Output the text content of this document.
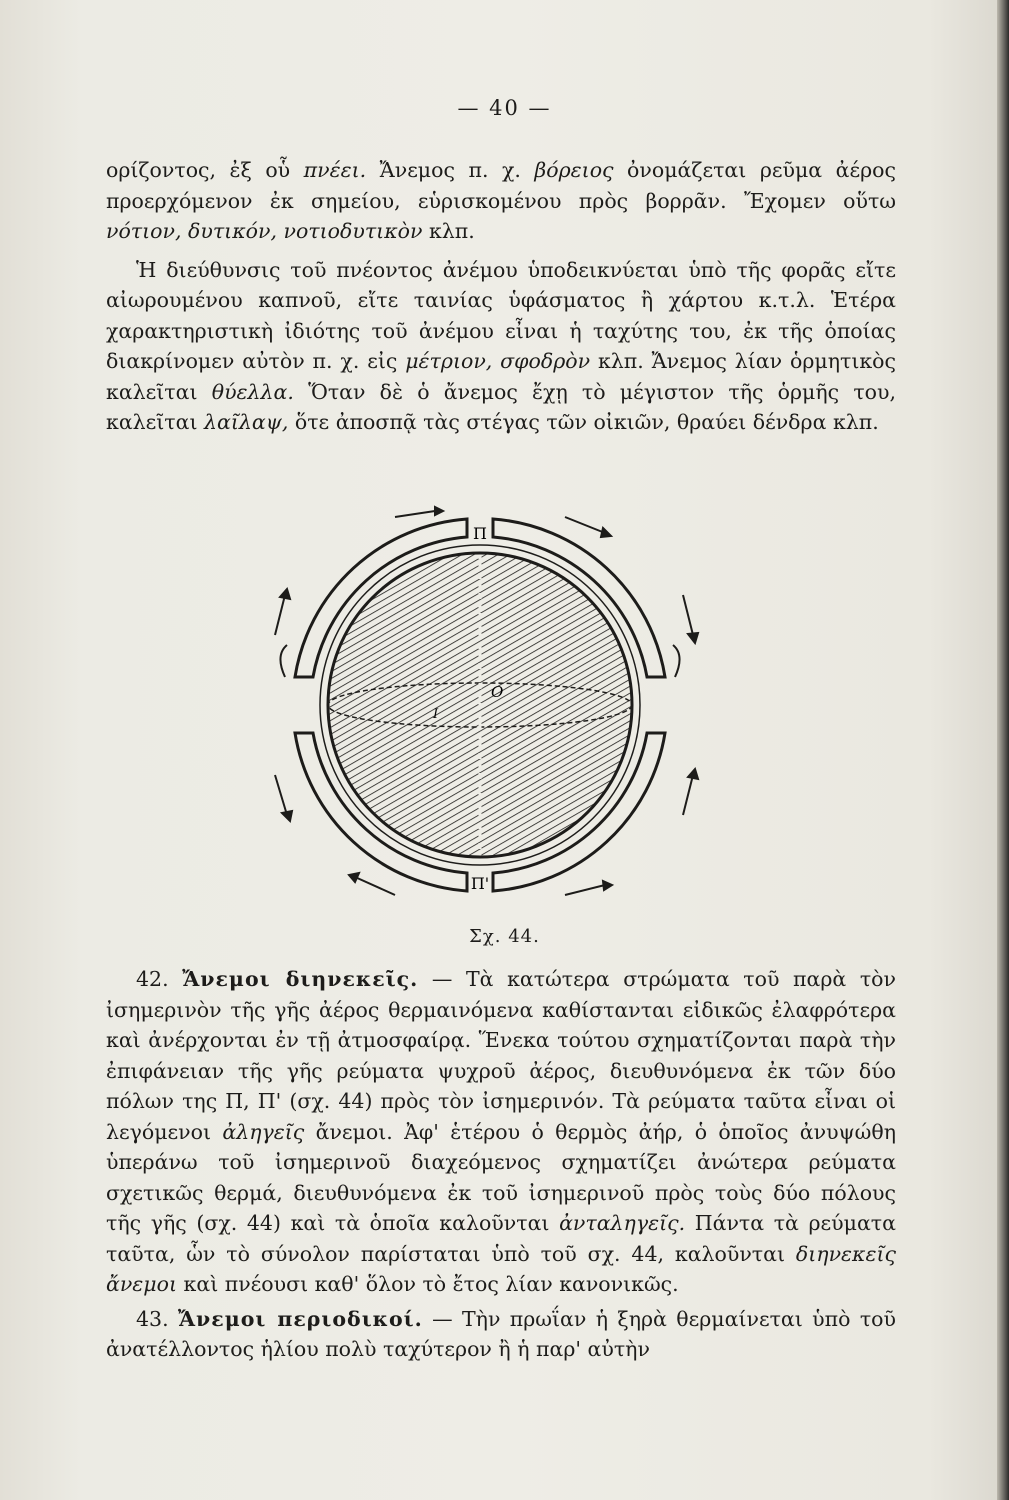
— 40 —

ορίζοντος, ἐξ οὗ πνέει. Ἄνεμος π. χ. βόρειος ὀνομάζεται ρεῦμα ἀέρος προερχόμενον ἐκ σημείου, εὑρισκομένου πρὸς βορρᾶν. Ἔχομεν οὕτω νότιον, δυτικόν, νοτιοδυτικὸν κλπ.

Ἡ διεύθυνσις τοῦ πνέοντος ἀνέμου ὑποδεικνύεται ὑπὸ τῆς φορᾶς εἴτε αἰωρουμένου καπνοῦ, εἴτε ταινίας ὑφάσματος ἢ χάρτου κ.τ.λ. Ἑτέρα χαρακτηριστικὴ ἰδιότης τοῦ ἀνέμου εἶναι ἡ ταχύτης του, ἐκ τῆς ὁποίας διακρίνομεν αὐτὸν π. χ. εἰς μέτριον, σφοδρὸν κλπ. Ἄνεμος λίαν ὁρμητικὸς καλεῖται θύελλα. Ὅταν δὲ ὁ ἄνεμος ἔχῃ τὸ μέγιστον τῆς ὁρμῆς του, καλεῖται λαῖλαψ, ὅτε ἀποσπᾷ τὰς στέγας τῶν οἰκιῶν, θραύει δένδρα κλπ.

Π
Π'
Ο
Ι
Σχ. 44.

42. Ἄνεμοι διηνεκεῖς. — Τὰ κατώτερα στρώματα τοῦ παρὰ τὸν ἰσημερινὸν τῆς γῆς ἀέρος θερμαινόμενα καθίστανται εἰδικῶς ἐλαφρότερα καὶ ἀνέρχονται ἐν τῇ ἀτμοσφαίρᾳ. Ἕνεκα τούτου σχηματίζονται παρὰ τὴν ἐπιφάνειαν τῆς γῆς ρεύματα ψυχροῦ ἀέρος, διευθυνόμενα ἐκ τῶν δύο πόλων της Π, Π' (σχ. 44) πρὸς τὸν ἰσημερινόν. Τὰ ρεύματα ταῦτα εἶναι οἱ λεγόμενοι ἀληγεῖς ἄνεμοι. Ἀφ' ἑτέρου ὁ θερμὸς ἀήρ, ὁ ὁποῖος ἀνυψώθη ὑπεράνω τοῦ ἰσημερινοῦ διαχεόμενος σχηματίζει ἀνώτερα ρεύματα σχετικῶς θερμά, διευθυνόμενα ἐκ τοῦ ἰσημερινοῦ πρὸς τοὺς δύο πόλους τῆς γῆς (σχ. 44) καὶ τὰ ὁποῖα καλοῦνται ἀνταληγεῖς. Πάντα τὰ ρεύματα ταῦτα, ὧν τὸ σύνολον παρίσταται ὑπὸ τοῦ σχ. 44, καλοῦνται διηνεκεῖς ἄνεμοι καὶ πνέουσι καθ' ὅλον τὸ ἔτος λίαν κανονικῶς.

43. Ἄνεμοι περιοδικοί. — Τὴν πρωΐαν ἡ ξηρὰ θερμαίνεται ὑπὸ τοῦ ἀνατέλλοντος ἡλίου πολὺ ταχύτερον ἢ ἡ παρ' αὐτὴν
